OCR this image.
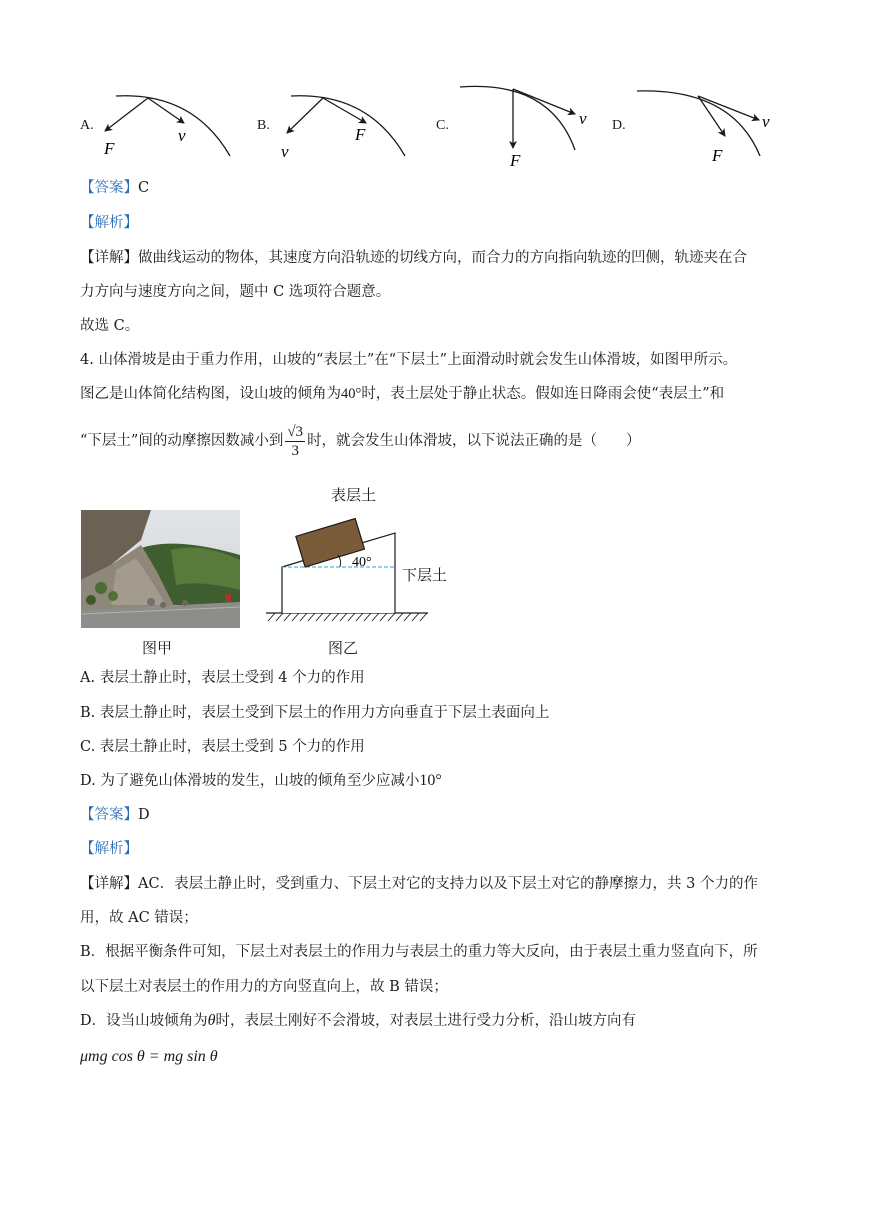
A.
F
v
B.
v
F	C.
F
v D.
F
v
【答案】C
【解析】
【详解】做曲线运动的物体，其速度方向沿轨迹的切线方向，而合力的方向指向轨迹的凹侧，轨迹夹在合
力方向与速度方向之间，题中 C 选项符合题意。
故选 C。
4. 山体滑坡是由于重力作用，山坡的“表层土”在“下层土”上面滑动时就会发生山体滑坡，如图甲所示。
图乙是山体简化结构图，设山坡的倾角为40°时，表土层处于静止状态。假如连日降雨会使“表层土”和
“下层土”间的动摩擦因数减小到 $\frac{√3}{3}$ 时，就会发生山体滑坡，以下说法正确的是（　　）
表层土
图甲
40°
下层土
图乙
A. 表层土静止时，表层土受到 4 个力的作用
B. 表层土静止时，表层土受到下层土的作用力方向垂直于下层土表面向上
C. 表层土静止时，表层土受到 5 个力的作用
D. 为了避免山体滑坡的发生，山坡的倾角至少应减小10°
【答案】D
【解析】
【详解】AC．表层土静止时，受到重力、下层土对它的支持力以及下层土对它的静摩擦力，共 3 个力的作
用，故 AC 错误；
B．根据平衡条件可知，下层土对表层土的作用力与表层土的重力等大反向，由于表层土重力竖直向下，所
以下层土对表层土的作用力的方向竖直向上，故 B 错误；
D．设当山坡倾角为θ时，表层土刚好不会滑坡，对表层土进行受力分析，沿山坡方向有
μmg cos θ = mg sin θ
